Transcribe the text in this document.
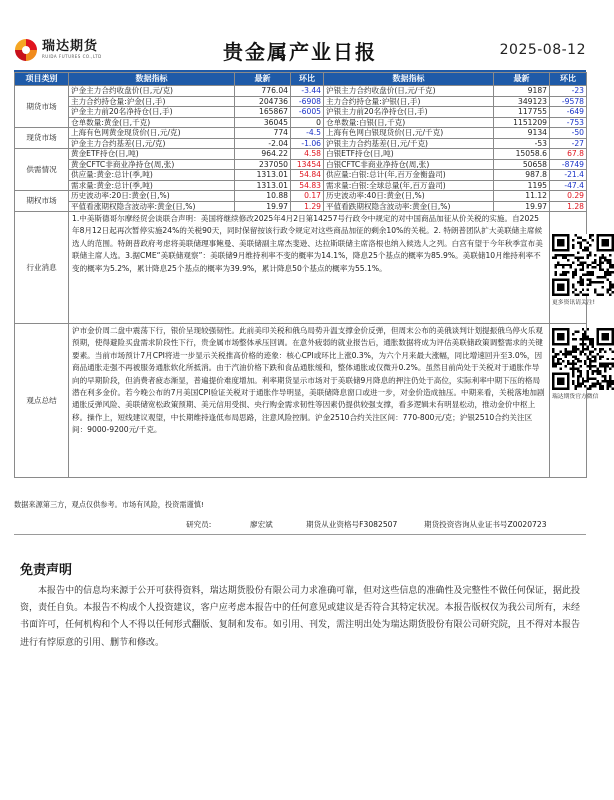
瑞达期货
RUIDA FUTURES CO.,LTD	贵金属产业日报	2025-08-12
项目类别	数据指标	最新	环比	数据指标	最新	环比
期货市场	沪金主力合约收盘价(日,元/克)	776.04	-3.44	沪银主力合约收盘价(日,元/千克)	9187	-23
	主力合约持仓量:沪金(日,手)	204736	-6908	主力合约持仓量:沪银(日,手)	349123	-9578
	沪金主力前20名净持仓(日,手)	165867	-6005	沪银主力前20名净持仓(日,手)	117755	-649
	仓单数量:黄金(日,千克)	36045	0	仓单数量:白银(日,千克)	1151209	-753
现货市场	上海有色网黄金现货价(日,元/克)	774	-4.5	上海有色网白银现货价(日,元/千克)	9134	-50
	沪金主力合约基差(日,元/克)	-2.04	-1.06	沪银主力合约基差(日,元/千克)	-53	-27
供需情况	黄金ETF持仓(日,吨)	964.22	4.58	白银ETF持仓(日,吨)	15058.6	67.8
	黄金CFTC非商业净持仓(周,张)	237050	13454	白银CFTC非商业净持仓(周,张)	50658	-8749
	供应量:黄金:总计(季,吨)	1313.01	54.84	供应量:白银:总计(年,百万金衡盎司)	987.8	-21.4
	需求量:黄金:总计(季,吨)	1313.01	54.83	需求量:白银:全球总量(年,百万盎司)	1195	-47.4
期权市场	历史波动率:20日:黄金(日,%)	10.88	0.17	历史波动率:40日:黄金(日,%)	11.12	0.29
	平值看涨期权隐含波动率:黄金(日,%)	19.97	1.29	平值看跌期权隐含波动率:黄金(日,%)	19.97	1.28
行业消息	1.中美斯德哥尔摩经贸会谈联合声明：美国将继续修改2025年4月2日第14257号行政令中规定的对中国商品加征从价关税的实施。自2025年8月12日起再次暂停实施24%的关税90天，同时保留按该行政令规定对这些商品加征的剩余10%的关税。2. 特朗普团队扩大美联储主席候选人的范围。特朗普政府考虑将美联储理事鲍曼、美联储副主席杰斐逊、达拉斯联储主席洛根也纳入候选人之列。白宫有望于今年秋季宣布美联储主席人选。3.据CME“美联储观察”：美联储9月维持利率不变的概率为14.1%，降息25个基点的概率为85.9%。美联储10月维持利率不变的概率为5.2%，累计降息25个基点的概率为39.9%，累计降息50个基点的概率为55.1%。					更多资讯请关注!

观点总结	沪市金价周二盘中震荡下行，银价呈现较强韧性。此前美印关税和俄乌局势升温支撑金价反弹，但周末公布的美俄谈判计划提振俄乌停火乐观预期，使得避险买盘需求阶段性下行，贵金属市场整体承压回调。在意外疲弱的就业报告后，通胀数据将成为评估美联储政策调整需求的关键要素。当前市场预计7月CPI将进一步显示关税推高价格的迹象：核心CPI或环比上涨0.3%，为六个月来最大涨幅，同比增速回升至3.0%，因商品通胀走强不再被服务通胀软化所抵消。由于汽油价格下跌和食品通胀缓和，整体通胀或仅微升0.2%。虽然目前尚处于关税对于通胀作导向的早期阶段，但消费者疲态渐显，普遍提价难度增加。利率期货显示市场对于美联储9月降息的押注仍处于高位，实际利率中期下压的格局潜在利多金价。若今晚公布的7月美国CPI验证关税对于通胀作导明显，美联储降息窗口或进一步，对金价造成抽压。中期来看，关税落地加剧通胀反弹风险、美联储宽松政策预期、美元信用受损、央行购金需求韧性等因素仍提供较强支撑，看多逻辑未有明显松动，推动金价中枢上移。操作上，短线建议观望，中长期维持逢低布局思路，注意风险控制。沪金2510合约关注区间：770-800元/克；沪银2510合约关注区间：9000-9200元/千克。					瑞达期货官方微信
数据来源第三方，观点仅供参考。市场有风险，投资需谨慎!
研究员:	廖宏斌	期货从业资格号F3082507	期货投资咨询从业证书号Z0020723
免责声明
本报告中的信息均来源于公开可获得资料，瑞达期货股份有限公司力求准确可靠，但对这些信息的准确性及完整性不做任何保证，据此投资，责任自负。本报告不构成个人投资建议，客户应考虑本报告中的任何意见或建议是否符合其特定状况。本报告版权仅为我公司所有，未经书面许可，任何机构和个人不得以任何形式翻版、复制和发布。如引用、刊发，需注明出处为瑞达期货股份有限公司研究院，且不得对本报告进行有悖原意的引用、删节和修改。
